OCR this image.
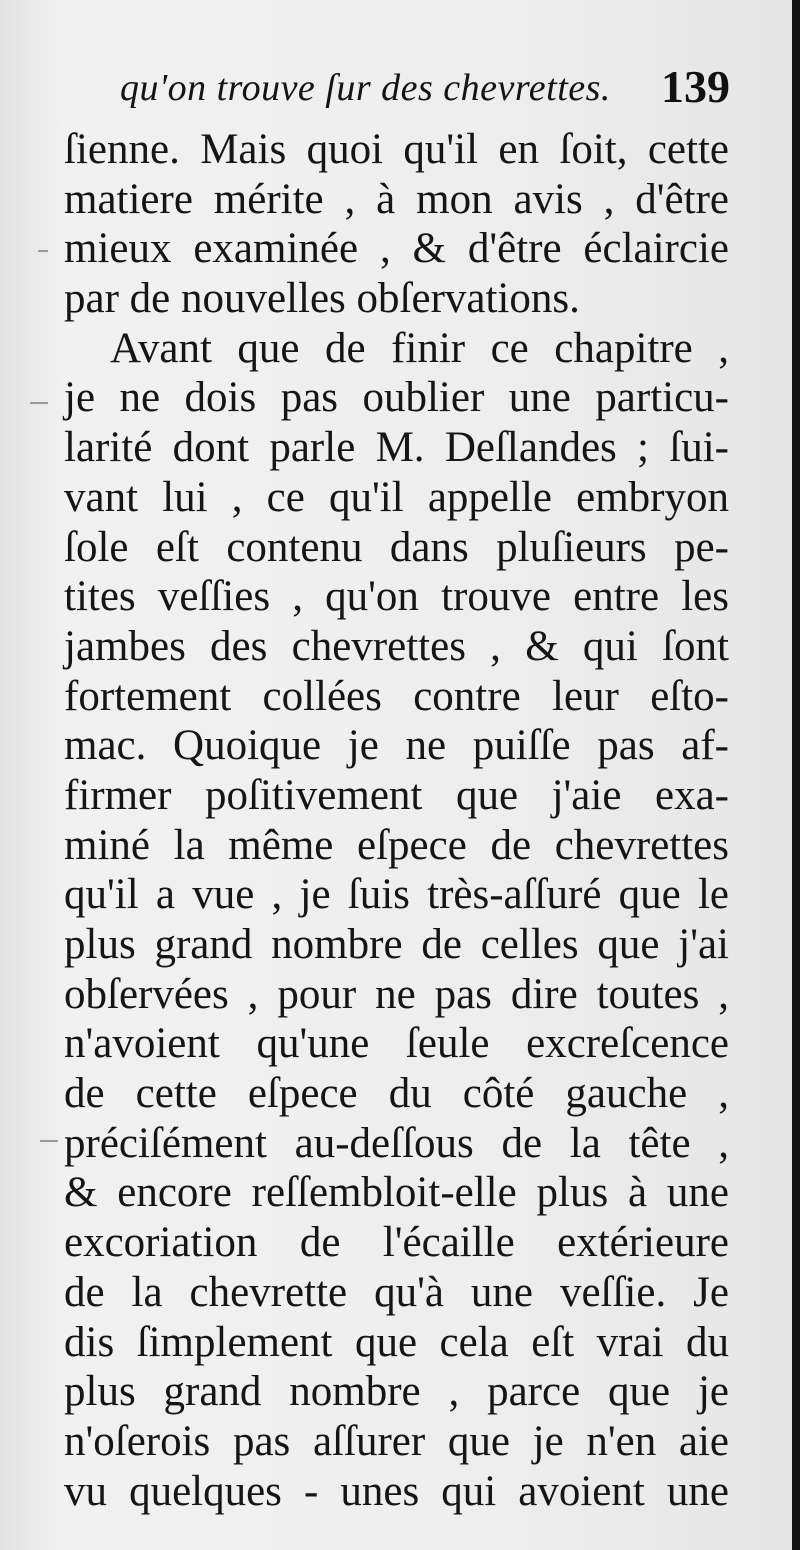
qu'on trouve ſur des chevrettes. 139
ſienne. Mais quoi qu'il en ſoit, cette
matiere mérite , à mon avis , d'être
mieux examinée , & d'être éclaircie
par de nouvelles obſervations.
Avant que de finir ce chapitre ,
je ne dois pas oublier une particu-
larité dont parle M. Deſlandes ; ſui-
vant lui , ce qu'il appelle embryon
ſole eſt contenu dans pluſieurs pe-
tites veſſies , qu'on trouve entre les
jambes des chevrettes , & qui ſont
fortement collées contre leur eſto-
mac. Quoique je ne puiſſe pas af-
firmer poſitivement que j'aie exa-
miné la même eſpece de chevrettes
qu'il a vue , je ſuis très-aſſuré que le
plus grand nombre de celles que j'ai
obſervées , pour ne pas dire toutes ,
n'avoient qu'une ſeule excreſcence
de cette eſpece du côté gauche ,
préciſément au-deſſous de la tête ,
& encore reſſembloit-elle plus à une
excoriation de l'écaille extérieure
de la chevrette qu'à une veſſie. Je
dis ſimplement que cela eſt vrai du
plus grand nombre , parce que je
n'oſerois pas aſſurer que je n'en aie
vu quelques - unes qui avoient une
